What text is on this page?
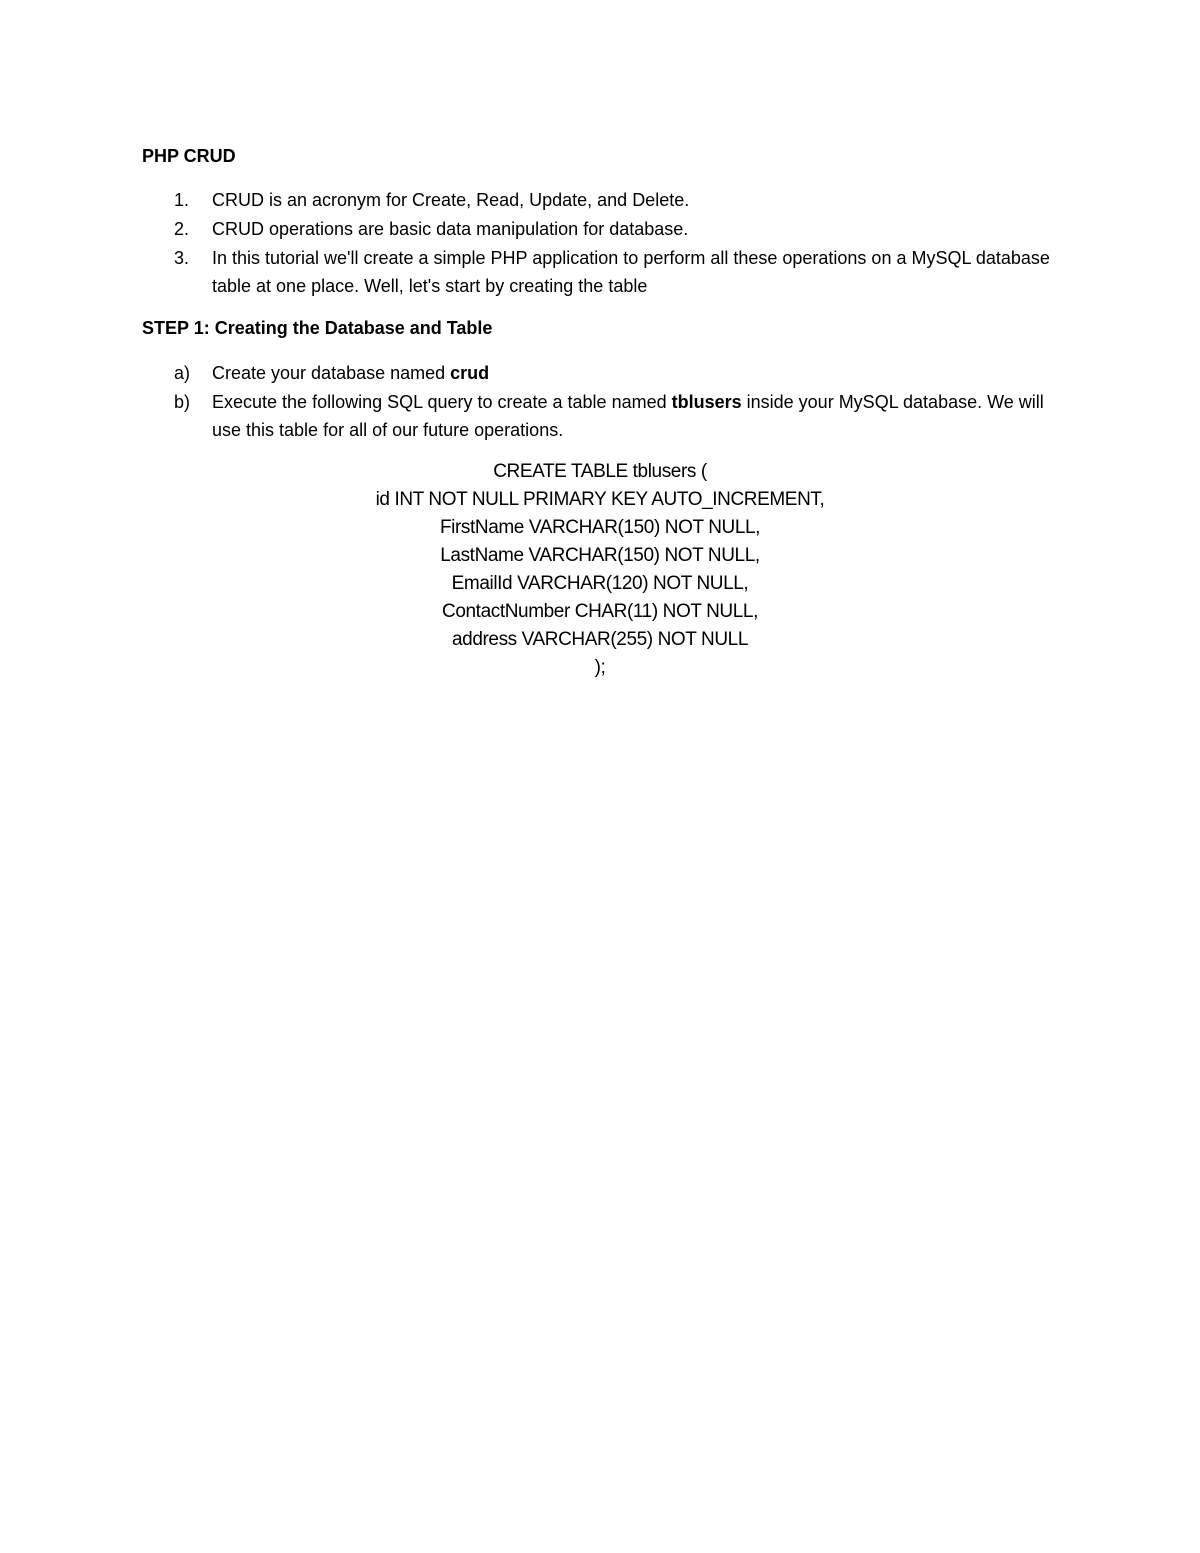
PHP CRUD
1. CRUD is an acronym for Create, Read, Update, and Delete.
2. CRUD operations are basic data manipulation for database.
3. In this tutorial we'll create a simple PHP application to perform all these operations on a MySQL database table at one place. Well, let's start by creating the table
STEP 1: Creating the Database and Table
a) Create your database named crud
b) Execute the following SQL query to create a table named tblusers inside your MySQL database. We will use this table for all of our future operations.
CREATE TABLE tblusers (
id INT NOT NULL PRIMARY KEY AUTO_INCREMENT,
FirstName VARCHAR(150) NOT NULL,
LastName VARCHAR(150) NOT NULL,
EmailId VARCHAR(120) NOT NULL,
ContactNumber CHAR(11) NOT NULL,
address VARCHAR(255) NOT NULL
);
